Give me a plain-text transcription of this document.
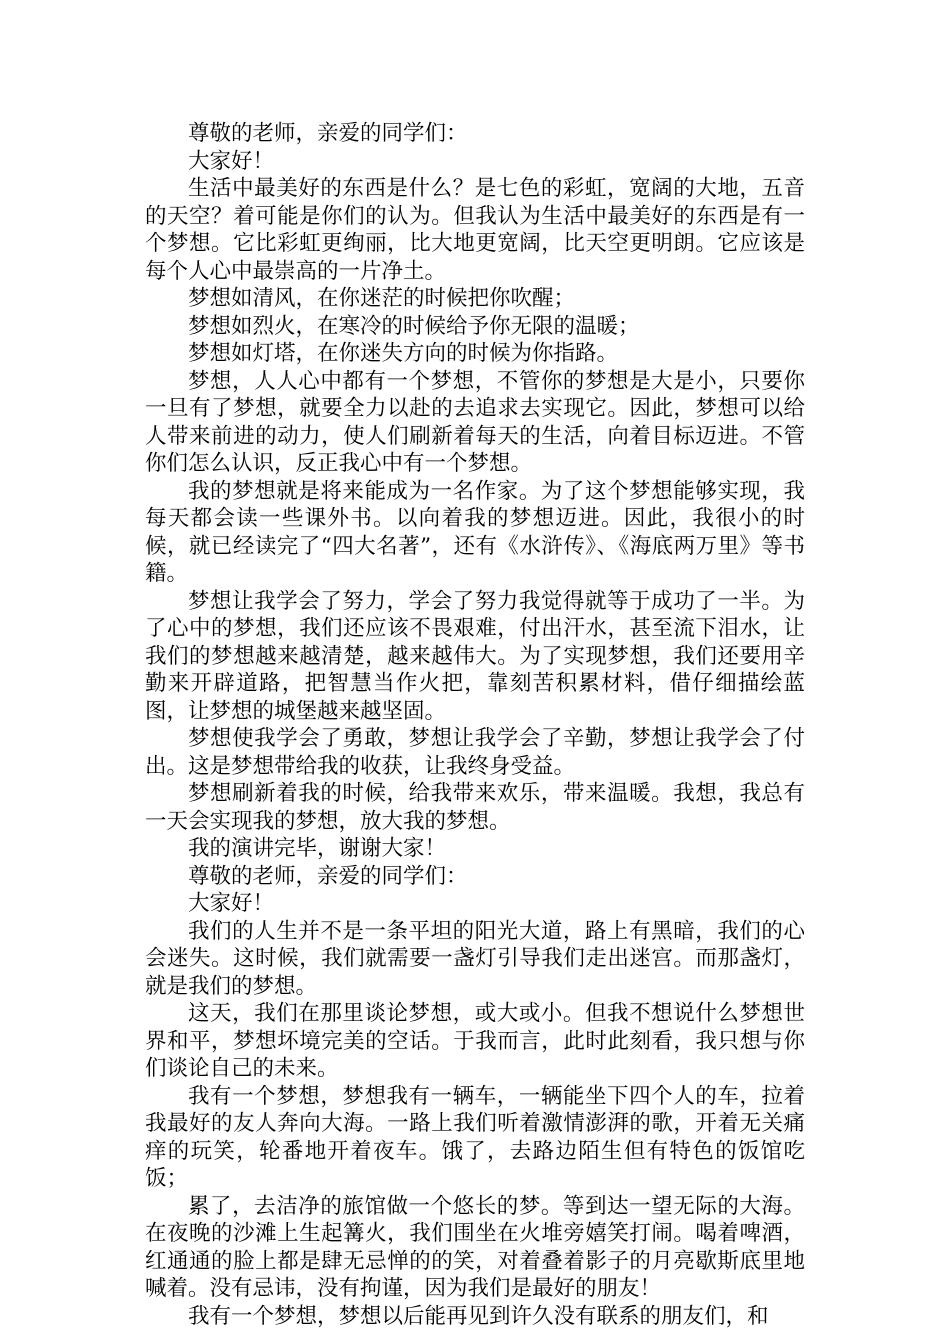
尊敬的老师，亲爱的同学们：

大家好！

生活中最美好的东西是什么？是七色的彩虹，宽阔的大地，五音的天空？着可能是你们的认为。但我认为生活中最美好的东西是有一个梦想。它比彩虹更绚丽，比大地更宽阔，比天空更明朗。它应该是每个人心中最崇高的一片净土。

梦想如清风，在你迷茫的时候把你吹醒；

梦想如烈火，在寒冷的时候给予你无限的温暖；

梦想如灯塔，在你迷失方向的时候为你指路。

梦想，人人心中都有一个梦想，不管你的梦想是大是小，只要你一旦有了梦想，就要全力以赴的去追求去实现它。因此，梦想可以给人带来前进的动力，使人们刷新着每天的生活，向着目标迈进。不管你们怎么认识，反正我心中有一个梦想。

我的梦想就是将来能成为一名作家。为了这个梦想能够实现，我每天都会读一些课外书。以向着我的梦想迈进。因此，我很小的时候，就已经读完了“四大名著”，还有《水浒传》、《海底两万里》等书籍。

梦想让我学会了努力，学会了努力我觉得就等于成功了一半。为了心中的梦想，我们还应该不畏艰难，付出汗水，甚至流下泪水，让我们的梦想越来越清楚，越来越伟大。为了实现梦想，我们还要用辛勤来开辟道路，把智慧当作火把，靠刻苦积累材料，借仔细描绘蓝图，让梦想的城堡越来越坚固。

梦想使我学会了勇敢，梦想让我学会了辛勤，梦想让我学会了付出。这是梦想带给我的收获，让我终身受益。

梦想刷新着我的时候，给我带来欢乐，带来温暖。我想，我总有一天会实现我的梦想，放大我的梦想。

我的演讲完毕，谢谢大家！

尊敬的老师，亲爱的同学们：

大家好！

我们的人生并不是一条平坦的阳光大道，路上有黑暗，我们的心会迷失。这时候，我们就需要一盏灯引导我们走出迷宫。而那盏灯，就是我们的梦想。

这天，我们在那里谈论梦想，或大或小。但我不想说什么梦想世界和平，梦想坏境完美的空话。于我而言，此时此刻看，我只想与你们谈论自己的未来。

我有一个梦想，梦想我有一辆车，一辆能坐下四个人的车，拉着我最好的友人奔向大海。一路上我们听着激情澎湃的歌，开着无关痛痒的玩笑，轮番地开着夜车。饿了，去路边陌生但有特色的饭馆吃饭；

累了，去洁净的旅馆做一个悠长的梦。等到达一望无际的大海。在夜晚的沙滩上生起篝火，我们围坐在火堆旁嬉笑打闹。喝着啤酒，红通通的脸上都是肆无忌惮的的笑，对着叠着影子的月亮歇斯底里地喊着。没有忌讳，没有拘谨，因为我们是最好的朋友！

我有一个梦想，梦想以后能再见到许久没有联系的朋友们，和
